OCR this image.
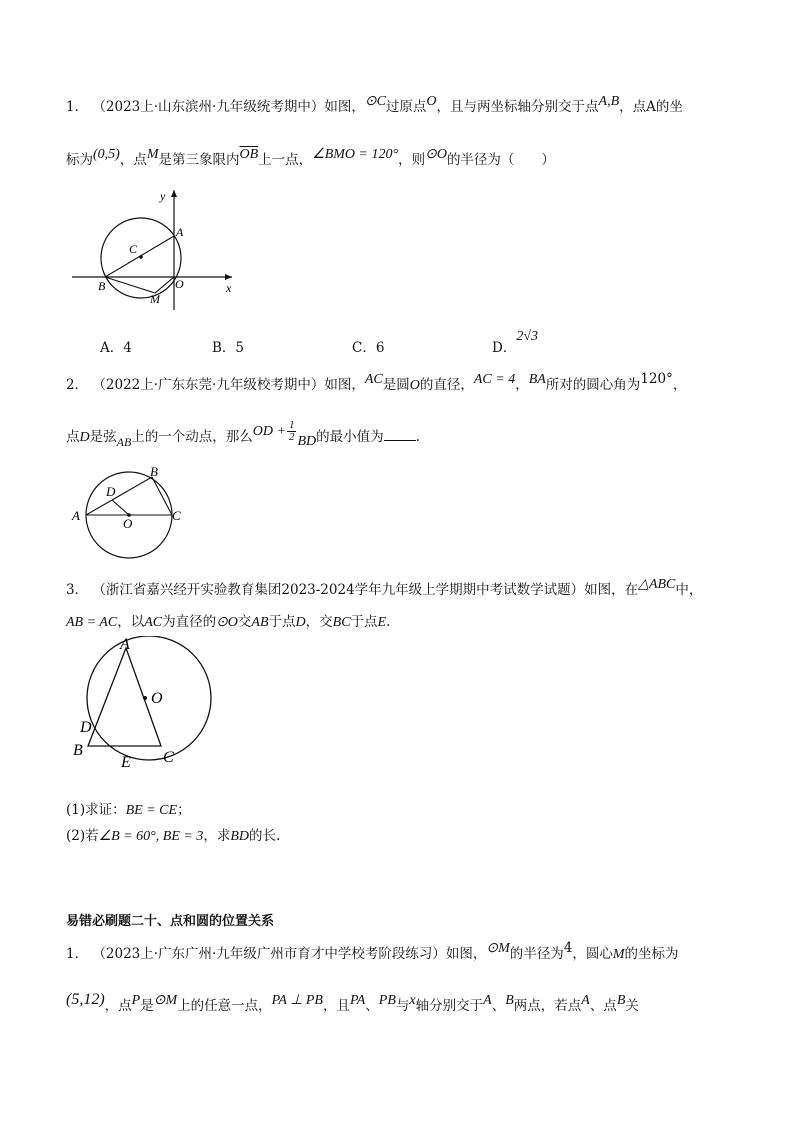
1． （2023上·山东滨州·九年级统考期中）如图，⊙C过原点O，且与两坐标轴分别交于点A,B，点A的坐
标为(0,5)，点M是第三象限内$\overline{OB}$上一点，∠BMO = 120°，则⊙O的半径为（　　）
y
A
C
B	O
M
x
A．4	B．5	C．6	D．2√3
2． （2022上·广东东莞·九年级校考期中）如图，AC是圆O的直径，AC = 4，BA所对的圆心角为120°，
点D是弦AB上的一个动点，那么OD + $\frac{1}{2}$ BD的最小值为 .
B
D
A
O
C
3． （浙江省嘉兴经开实验教育集团2023-2024学年九年级上学期期中考试数学试题）如图，在△ABC中，
AB = AC，以AC为直径的⊙O交AB于点D，交BC于点E.
A
O
D
B
E C
(1)求证：BE = CE；
(2)若∠B = 60°, BE = 3，求BD的长.
易错必刷题二十、点和圆的位置关系
1． （2023上·广东广州·九年级广州市育才中学校考阶段练习）如图，⊙M的半径为4，圆心M的坐标为
(5,12)，点P是⊙M上的任意一点，PA ⊥ PB，且PA、PB与x轴分别交于A、B两点，若点A、点B关
